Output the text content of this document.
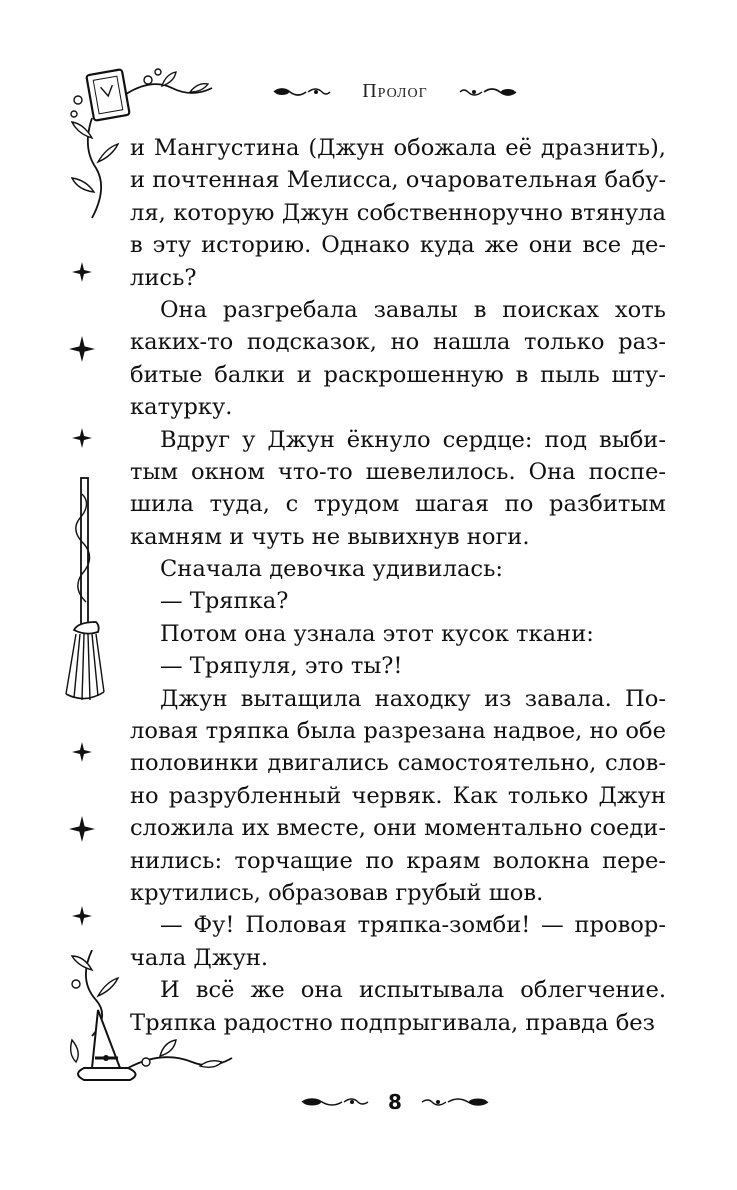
Пролог
и Мангустина (Джун обожала её дразнить),
и почтенная Мелисса, очаровательная бабу-
ля, которую Джун собственноручно втянула
в эту историю. Однако куда же они все де-
лись?
Она разгребала завалы в поисках хоть
каких-то подсказок, но нашла только раз-
битые балки и раскрошенную в пыль шту-
катурку.
Вдруг у Джун ёкнуло сердце: под выби-
тым окном что-то шевелилось. Она поспе-
шила туда, с трудом шагая по разбитым
камням и чуть не вывихнув ноги.
Сначала девочка удивилась:
— Тряпка?
Потом она узнала этот кусок ткани:
— Тряпуля, это ты?!
Джун вытащила находку из завала. По-
ловая тряпка была разрезана надвое, но обе
половинки двигались самостоятельно, слов-
но разрубленный червяк. Как только Джун
сложила их вместе, они моментально соеди-
нились: торчащие по краям волокна пере-
крутились, образовав грубый шов.
— Фу! Половая тряпка-зомби! — провор-
чала Джун.
И всё же она испытывала облегчение.
Тряпка радостно подпрыгивала, правда без
8
